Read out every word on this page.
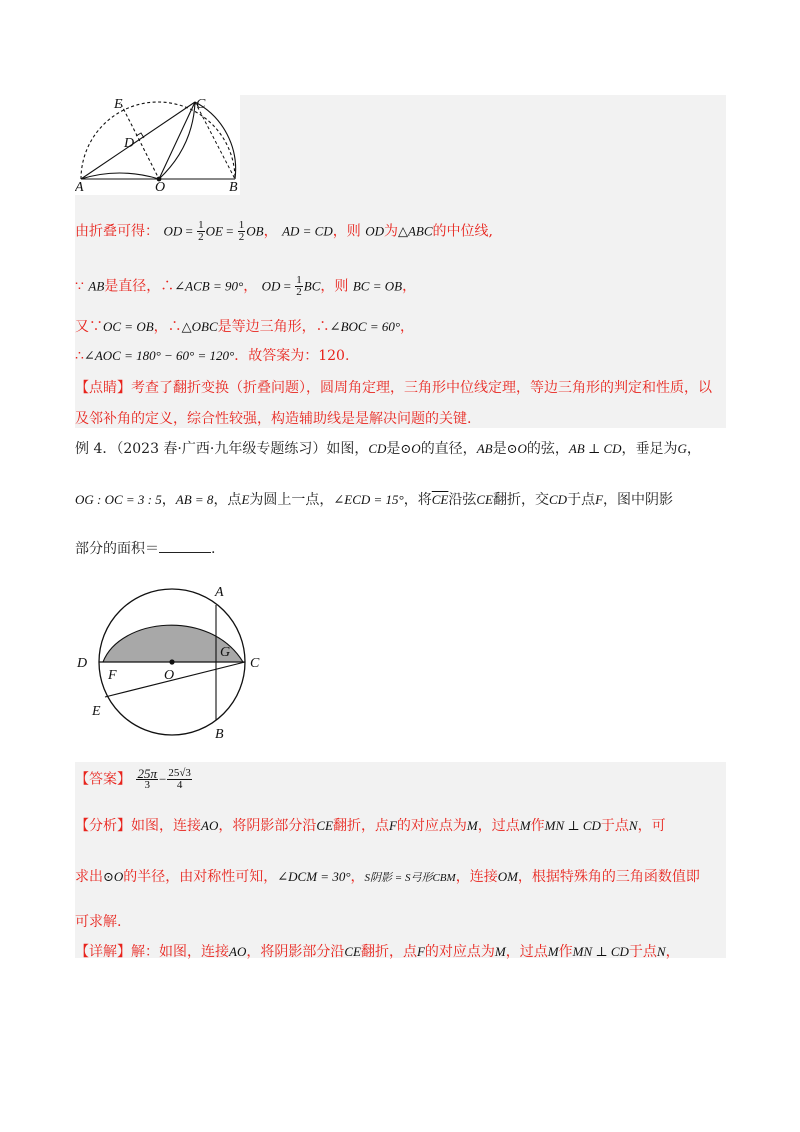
E	C
D
A	O	B
由折叠可得： OD = $\frac{1}{2}$ OE = $\frac{1}{2}$ OB， AD = CD，则 OD为△ABC的中位线,
∵ AB是直径，∴∠ACB = 90°， OD = $\frac{1}{2}$ BC，则 BC = OB，
又∵OC = OB，∴△OBC是等边三角形，∴∠BOC = 60°，
∴∠AOC = 180° − 60° = 120°．故答案为：120.
【点睛】考查了翻折变换（折叠问题），圆周角定理，三角形中位线定理，等边三角形的判定和性质，以
及邻补角的定义，综合性较强，构造辅助线是是解决问题的关键.
例 4．（2023 春·广西·九年级专题练习）如图，CD是⊙O的直径，AB是⊙O的弦，AB ⊥ CD，垂足为G，
OG : OC = 3 : 5，AB = 8，点E为圆上一点，∠ECD = 15°，将$\overline{CE}$沿弦CE翻折，交CD于点F，图中阴影
部分的面积＝	.
A
D
G
C
F	O
E
B
【答案】 $\frac{25\pi}{3} - \frac{25√3}{4}$
【分析】如图，连接AO，将阴影部分沿CE翻折，点F的对应点为M，过点M作MN ⊥ CD于点N，可
求出⊙O的半径，由对称性可知，∠DCM = 30°，S阴影 = S弓形CBM，连接OM，根据特殊角的三角函数值即
可求解.
【详解】解：如图，连接AO，将阴影部分沿CE翻折，点F的对应点为M，过点M作MN ⊥ CD于点N，
